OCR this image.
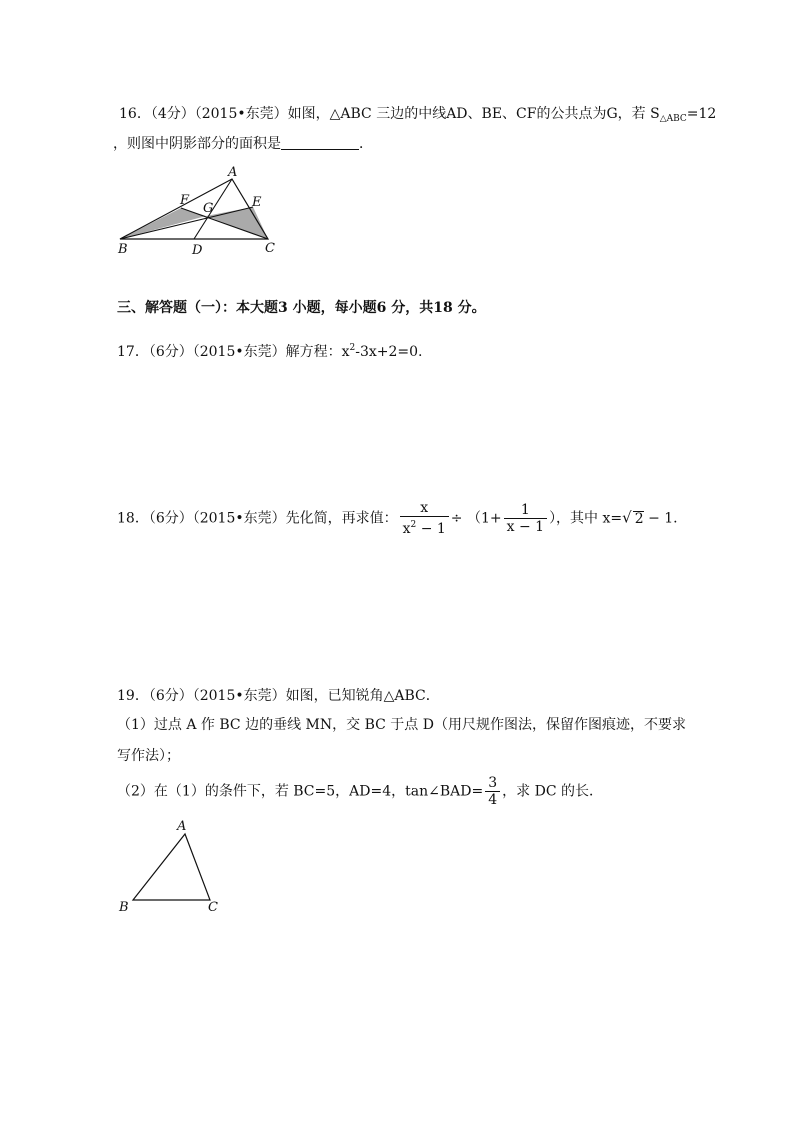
16．（4分）（2015•东莞）如图，△ABC 三边的中线AD、BE、CF的公共点为G，若 $S_{\triangle ABC}=12$
，则图中阴影部分的面积是	．
A
B	C
D
E
F
G
三、解答题（一）：本大题3 小题，每小题6 分，共18 分。
17．（6分）（2015•东莞）解方程：$x^2-3x+2=0$.
18．（6分）（2015•东莞）先化简，再求值： $\frac{x}{x^2 - 1} \div (1+ \frac{1}{x - 1}$ ），其中 x=√ 2 − 1.
19．（6分）（2015•东莞）如图，已知锐角△ABC．
（1）过点 A 作 BC 边的垂线 MN，交 BC 于点 D（用尺规作图法，保留作图痕迹，不要求
写作法）；
（2）在（1）的条件下，若 BC=5，AD=4，tan∠BAD= $\frac{3}{4}$ ，求 DC 的长．
A
B	C
